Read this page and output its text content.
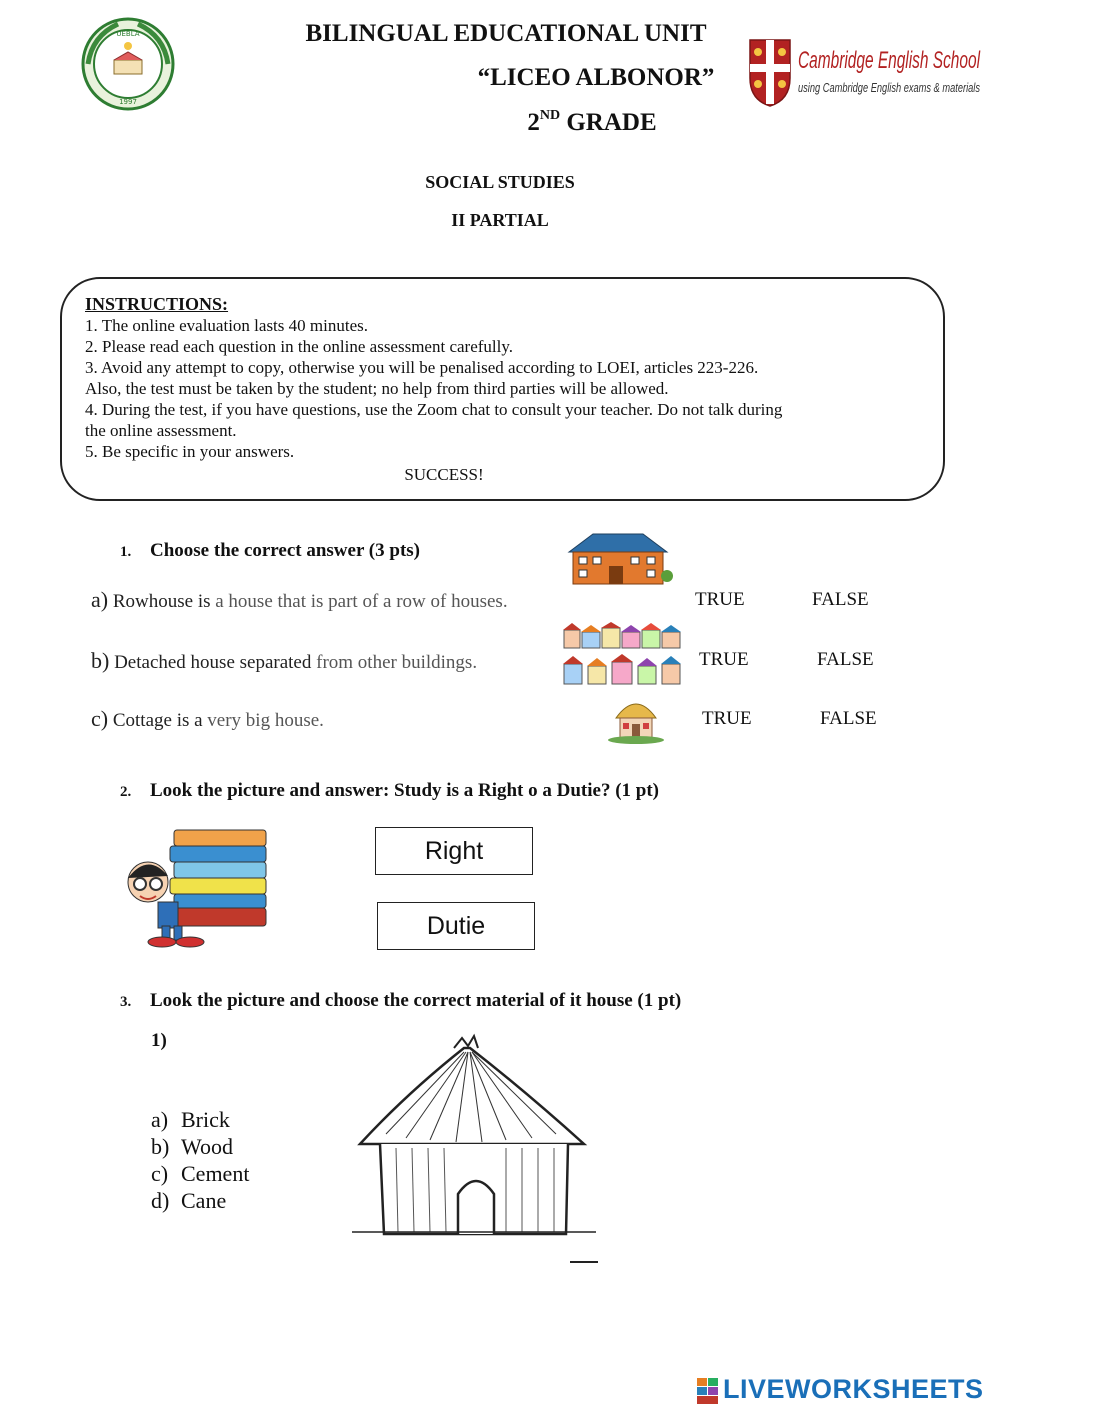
UEBLA
1997
Cambridge English School
using Cambridge English exams & materials
BILINGUAL EDUCATIONAL UNIT
“LICEO ALBONOR”
2ND GRADE
SOCIAL STUDIES
II PARTIAL
INSTRUCTIONS:
1. The online evaluation lasts 40 minutes.
2. Please read each question in the online assessment carefully.
3. Avoid any attempt to copy, otherwise you will be penalised according to LOEI, articles 223-226.
Also, the test must be taken by the student; no help from third parties will be allowed.
4. During the test, if you have questions, use the Zoom chat to consult your teacher. Do not talk during
the online assessment.
5. Be specific in your answers.
SUCCESS!
1. Choose the correct answer (3 pts)
a) Rowhouse is a house that is part of a row of houses.	TRUE	FALSE
b) Detached house separated from other buildings.	TRUE	FALSE
c) Cottage is a very big house.	TRUE	FALSE
2. Look the picture and answer: Study is a Right o a Dutie? (1 pt)
Right
Dutie
3. Look the picture and choose the correct material of it house (1 pt)
1)
a) Brick
b) Wood
c) Cement
d) Cane
LIVEWORKSHEETS
